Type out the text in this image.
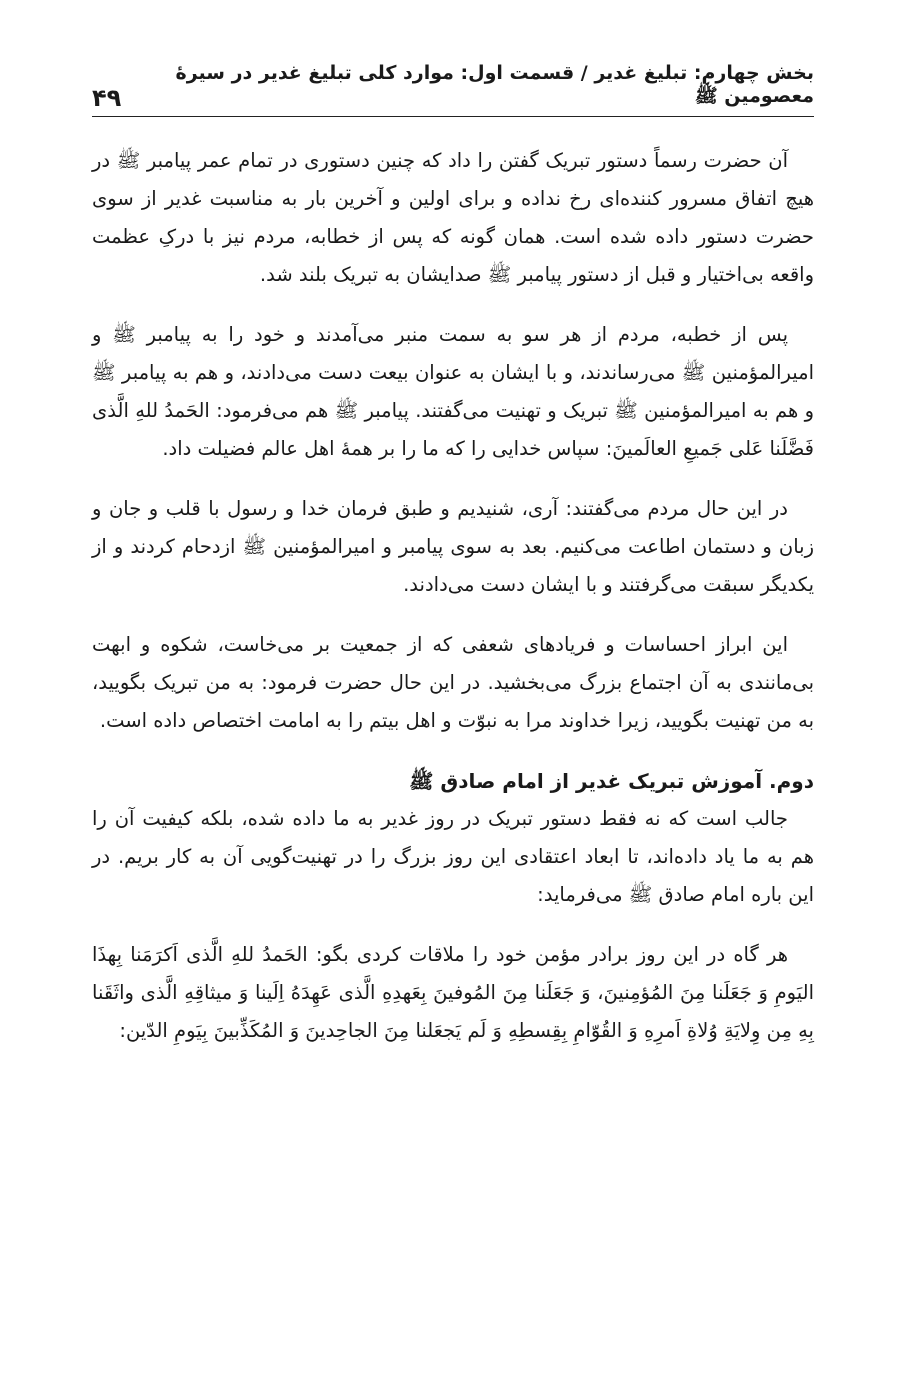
بخش چهارم: تبلیغ غدیر / قسمت اول: موارد کلی تبلیغ غدیر در سیرۀ معصومین ﷺ
۴۹

آن حضرت رسماً دستور تبریک گفتن را داد که چنین دستوری در تمام عمر پیامبر ﷺ در هیچ اتفاق مسرور کننده‌ای رخ نداده و برای اولین و آخرین بار به مناسبت غدیر از سوی حضرت دستور داده شده است. همان گونه که پس از خطابه، مردم نیز با درکِ عظمت واقعه بی‌اختیار و قبل از دستور پیامبر ﷺ صدایشان به تبریک بلند شد.

پس از خطبه، مردم از هر سو به سمت منبر می‌آمدند و خود را به پیامبر ﷺ و امیرالمؤمنین ﷺ می‌رساندند، و با ایشان به عنوان بیعت دست می‌دادند، و هم به پیامبر ﷺ و هم به امیرالمؤمنین ﷺ تبریک و تهنیت می‌گفتند. پیامبر ﷺ هم می‌فرمود: الحَمدُ للهِ الَّذی فَضَّلَنا عَلی جَمیعِ العالَمینَ: سپاس خدایی را که ما را بر همۀ اهل عالم فضیلت داد.

در این حال مردم می‌گفتند: آری، شنیدیم و طبق فرمان خدا و رسول با قلب و جان و زبان و دستمان اطاعت می‌کنیم. بعد به سوی پیامبر و امیرالمؤمنین ﷺ ازدحام کردند و از یکدیگر سبقت می‌گرفتند و با ایشان دست می‌دادند.

این ابراز احساسات و فریادهای شعفی که از جمعیت بر می‌خاست، شکوه و ابهت بی‌مانندی به آن اجتماع بزرگ می‌بخشید. در این حال حضرت فرمود: به من تبریک بگویید، به من تهنیت بگویید، زیرا خداوند مرا به نبوّت و اهل بیتم را به امامت اختصاص داده است.

دوم. آموزش تبریک غدیر از امام صادق ﷺ

جالب است که نه فقط دستور تبریک در روز غدیر به ما داده شده، بلکه کیفیت آن را هم به ما یاد داده‌اند، تا ابعاد اعتقادی این روز بزرگ را در تهنیت‌گویی آن به کار بریم. در این باره امام صادق ﷺ می‌فرماید:

هر گاه در این روز برادر مؤمن خود را ملاقات کردی بگو: الحَمدُ للهِ الَّذی اَکرَمَنا بِهذَا الیَومِ وَ جَعَلَنا مِنَ المُؤمِنینَ، وَ جَعَلَنا مِنَ المُوفینَ بِعَهدِهِ الَّذی عَهِدَهُ اِلَینا وَ میثاقِهِ الَّذی واثَقَنا بِهِ مِن وِلایَةِ وُلاةِ اَمرِهِ وَ القُوّامِ بِقِسطِهِ وَ لَم یَجعَلنا مِنَ الجاحِدینَ وَ المُکَذِّبینَ بِیَومِ الدّین:
